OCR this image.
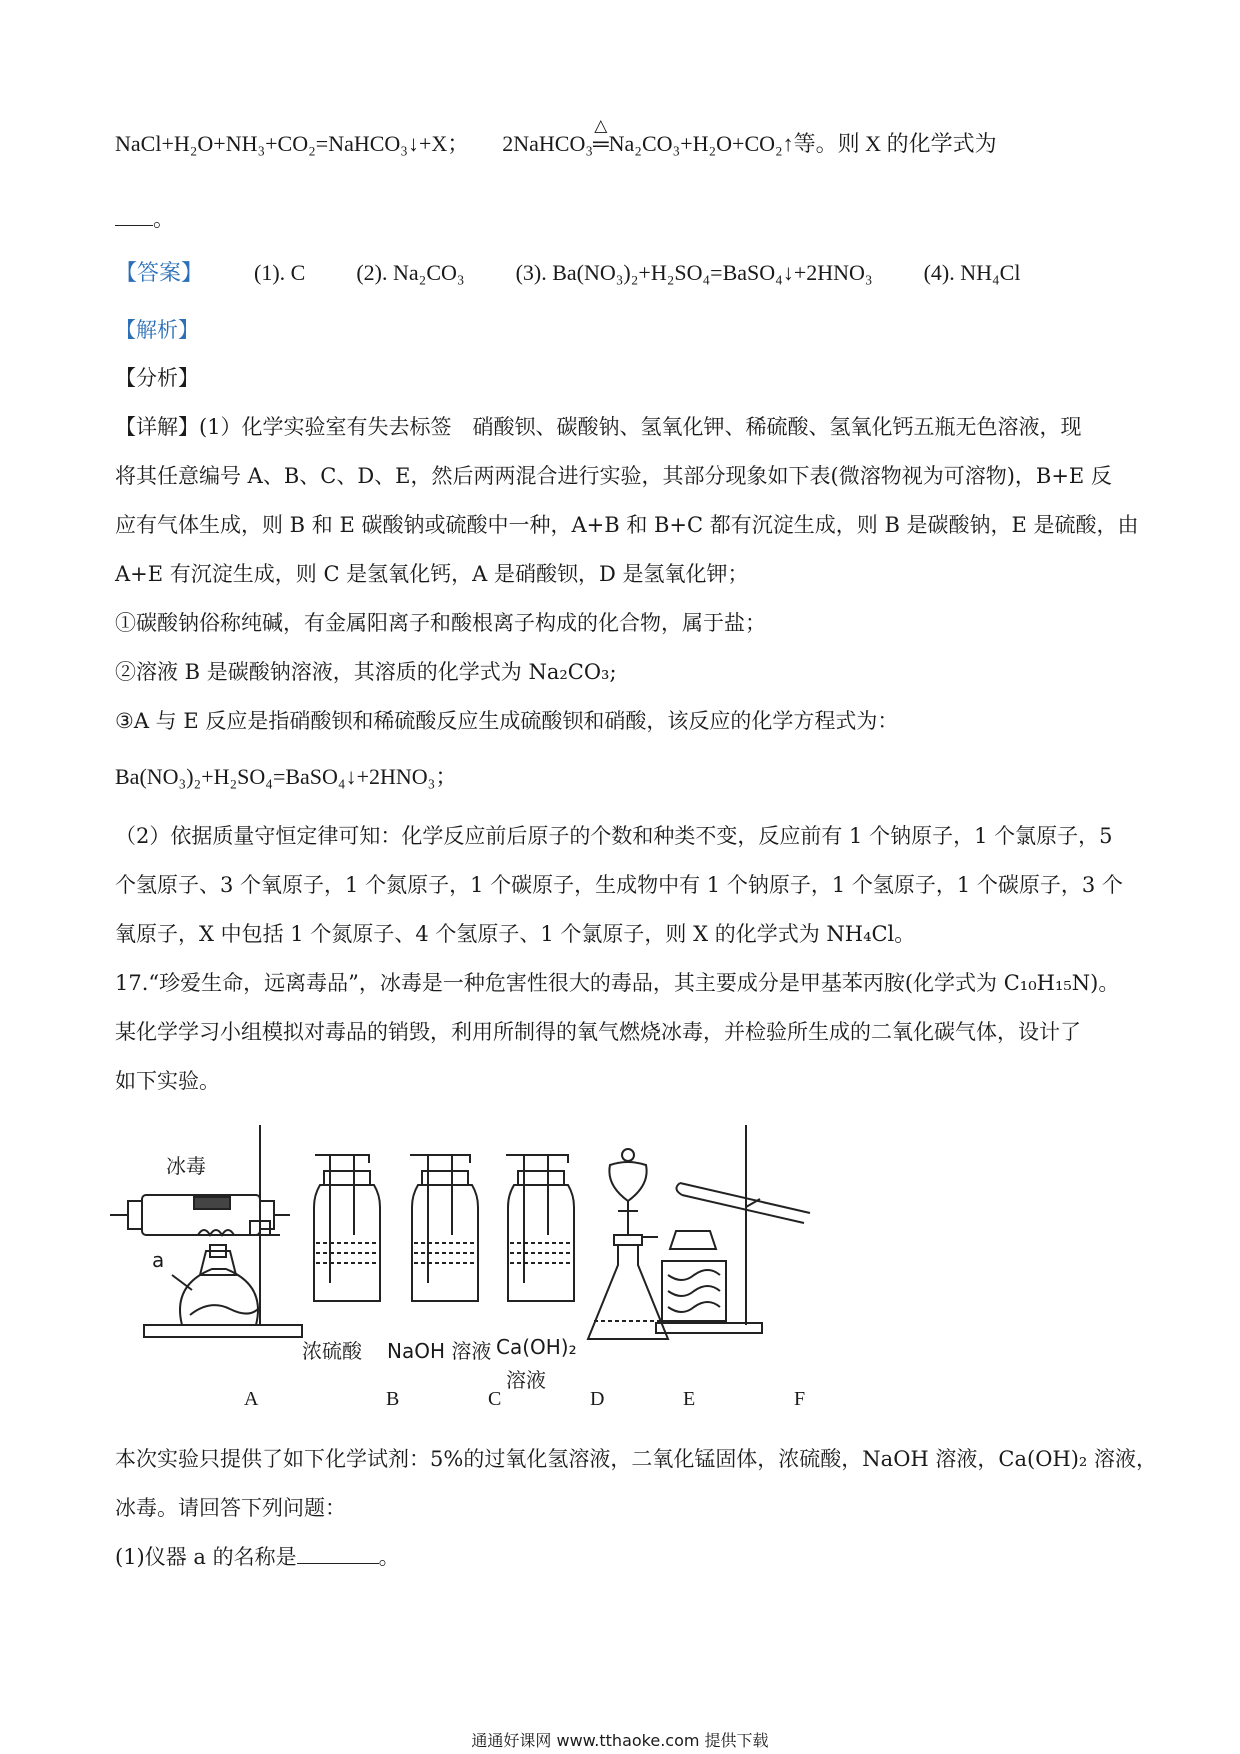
NaCl+H₂O+NH₃+CO₂=NaHCO₃↓+X； 2NaHCO₃
△
═Na₂CO₃+H₂O+CO₂↑等。则 X 的化学式为
。
【答案】 (1). C (2). Na₂CO₃ (3). Ba(NO₃)₂+H₂SO₄=BaSO₄↓+2HNO₃ (4). NH₄Cl
【解析】
【分析】
【详解】(1）化学实验室有失去标签　硝酸钡、碳酸钠、氢氧化钾、稀硫酸、氢氧化钙五瓶无色溶液，现
将其任意编号 A、B、C、D、E，然后两两混合进行实验，其部分现象如下表(微溶物视为可溶物)，B+E 反
应有气体生成，则 B 和 E 碳酸钠或硫酸中一种，A+B 和 B+C 都有沉淀生成，则 B 是碳酸钠，E 是硫酸，由
A+E 有沉淀生成，则 C 是氢氧化钙，A 是硝酸钡，D 是氢氧化钾；
①碳酸钠俗称纯碱，有金属阳离子和酸根离子构成的化合物，属于盐；
②溶液 B 是碳酸钠溶液，其溶质的化学式为 Na₂CO₃;
③A 与 E 反应是指硝酸钡和稀硫酸反应生成硫酸钡和硝酸，该反应的化学方程式为：
Ba(NO₃)₂+H₂SO₄=BaSO₄↓+2HNO₃；
（2）依据质量守恒定律可知：化学反应前后原子的个数和种类不变，反应前有 1 个钠原子，1 个氯原子，5
个氢原子、3 个氧原子，1 个氮原子，1 个碳原子，生成物中有 1 个钠原子，1 个氢原子，1 个碳原子，3 个
氧原子，X 中包括 1 个氮原子、4 个氢原子、1 个氯原子，则 X 的化学式为 NH₄Cl。
17.“珍爱生命，远离毒品”，冰毒是一种危害性很大的毒品，其主要成分是甲基苯丙胺(化学式为 C₁₀H₁₅N)。
某化学学习小组模拟对毒品的销毁，利用所制得的氧气燃烧冰毒，并检验所生成的二氧化碳气体，设计了
如下实验。
冰毒
a
浓硫酸 NaOH 溶液 Ca(OH)₂
溶液
A	B	C	D	E	F
本次实验只提供了如下化学试剂：5%的过氧化氢溶液，二氧化锰固体，浓硫酸，NaOH 溶液，Ca(OH)₂ 溶液，
冰毒。请回答下列问题：
(1)仪器 a 的名称是	。
通通好课网 www.tthaoke.com 提供下载
